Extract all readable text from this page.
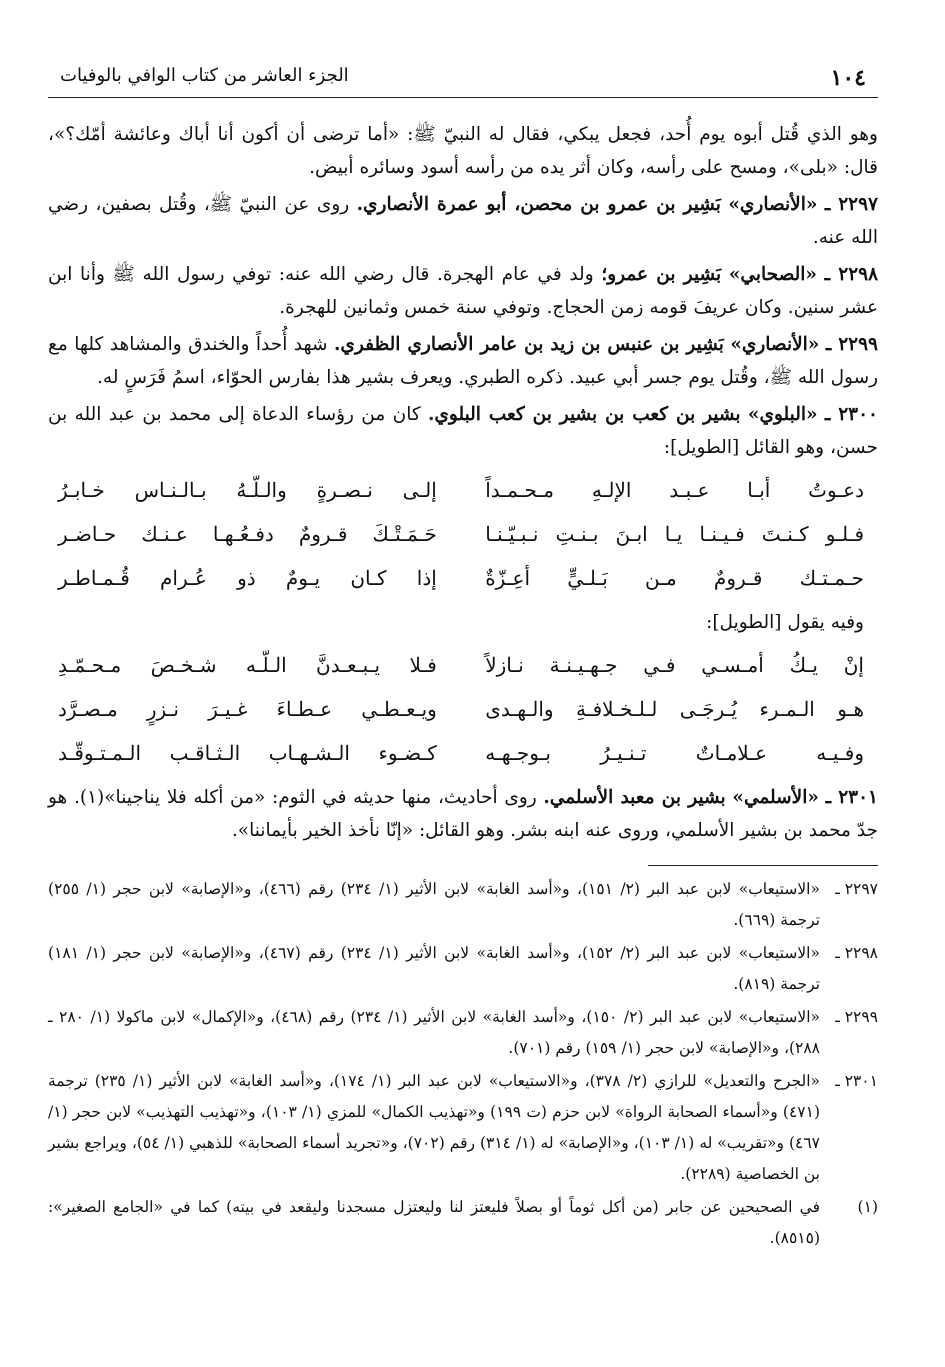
١٠٤
الجزء العاشر من كتاب الوافي بالوفيات

وهو الذي قُتل أبوه يوم أُحد، فجعل يبكي، فقال له النبيّ ﷺ: «أما ترضى أن أكون أنا أباك وعائشة أمّك؟»، قال: «بلى»، ومسح على رأسه، وكان أثر يده من رأسه أسود وسائره أبيض.

٢٢٩٧ ـ «الأنصاري» بَشِير بن عمرو بن محصن، أبو عمرة الأنصاري. روى عن النبيّ ﷺ، وقُتل بصفين، رضي الله عنه.

٢٢٩٨ ـ «الصحابي» بَشِير بن عمرو؛ ولد في عام الهجرة. قال رضي الله عنه: توفي رسول الله ﷺ وأنا ابن عشر سنين. وكان عريفَ قومه زمن الحجاج. وتوفي سنة خمس وثمانين للهجرة.

٢٢٩٩ ـ «الأنصاري» بَشِير بن عنبس بن زيد بن عامر الأنصاري الظفري. شهد أُحداً والخندق والمشاهد كلها مع رسول الله ﷺ، وقُتل يوم جسر أبي عبيد. ذكره الطبري. ويعرف بشير هذا بفارس الحوّاء، اسمُ فَرَسٍ له.

٢٣٠٠ ـ «البلوي» بشير بن كعب بن بشير بن كعب البلوي. كان من رؤساء الدعاة إلى محمد بن عبد الله بن حسن، وهو القائل [الطويل]:

دعـوتُ أبـا عـبـد الإلـهِ مـحـمـداً
إلـى نـصـرةٍ والـلّـهُ بـالـنـاس خـابـرُ
فـلـو كـنـتَ فـيـنـا يـا ابـنَ بـنـتِ نـبـيّـنـا
حَـمَـتْـكَ قـرومٌ دفـعُـهـا عـنـك حـاضـر
حـمـتـك قـرومٌ مـن بَـلـيٍّ أعِـزّةٌ
إذا كـان يـومٌ ذو عُـرام قُـمـاطـر
وفيه يقول [الطويل]:
إنْ يـكُ أمـسـي فـي جـهـيـنـة نـازلاً
فـلا يـبـعـدنَّ الـلّـه شـخـصَ مـحـمّـدِ
هـو الـمـرء يُـرجَـى لـلـخـلافـةِ والـهـدى
ويـعـطـي عـطـاءَ غـيـرَ نـزرٍ مـصـرَّد
وفـيـه عـلامـاتٌ تـنـيـرُ بـوجـهـه
كـضـوء الـشـهـاب الـثـاقـب الـمـتـوقّـد

٢٣٠١ ـ «الأسلمي» بشير بن معبد الأسلمي. روى أحاديث، منها حديثه في الثوم: «من أكله فلا يناجينا»(١). هو جدّ محمد بن بشير الأسلمي، وروى عنه ابنه بشر. وهو القائل: «إنّا نأخذ الخير بأيماننا».

٢٢٩٧ ـ
«الاستيعاب» لابن عبد البر (٢/ ١٥١)، و«أسد الغابة» لابن الأثير (١/ ٢٣٤) رقم (٤٦٦)، و«الإصابة» لابن حجر (١/ ٢٥٥) ترجمة (٦٦٩).
٢٢٩٨ ـ
«الاستيعاب» لابن عبد البر (٢/ ١٥٢)، و«أسد الغابة» لابن الأثير (١/ ٢٣٤) رقم (٤٦٧)، و«الإصابة» لابن حجر (١/ ١٨١) ترجمة (٨١٩).
٢٢٩٩ ـ
«الاستيعاب» لابن عبد البر (٢/ ١٥٠)، و«أسد الغابة» لابن الأثير (١/ ٢٣٤) رقم (٤٦٨)، و«الإكمال» لابن ماكولا (١/ ٢٨٠ ـ ٢٨٨)، و«الإصابة» لابن حجر (١/ ١٥٩) رقم (٧٠١).
٢٣٠١ ـ
«الجرح والتعديل» للرازي (٢/ ٣٧٨)، و«الاستيعاب» لابن عبد البر (١/ ١٧٤)، و«أسد الغابة» لابن الأثير (١/ ٢٣٥) ترجمة (٤٧١) و«أسماء الصحابة الرواة» لابن حزم (ت ١٩٩) و«تهذيب الكمال» للمزي (١/ ١٠٣)، و«تهذيب التهذيب» لابن حجر (١/ ٤٦٧) و«تقريب» له (١/ ١٠٣)، و«الإصابة» له (١/ ٣١٤) رقم (٧٠٢)، و«تجريد أسماء الصحابة» للذهبي (١/ ٥٤)، ويراجع بشير بن الخصاصية (٢٢٨٩).
(١)
في الصحيحين عن جابر (من أكل ثوماً أو بصلاً فليعتز لنا وليعتزل مسجدنا وليقعد في بيته) كما في «الجامع الصغير»: (٨٥١٥).
